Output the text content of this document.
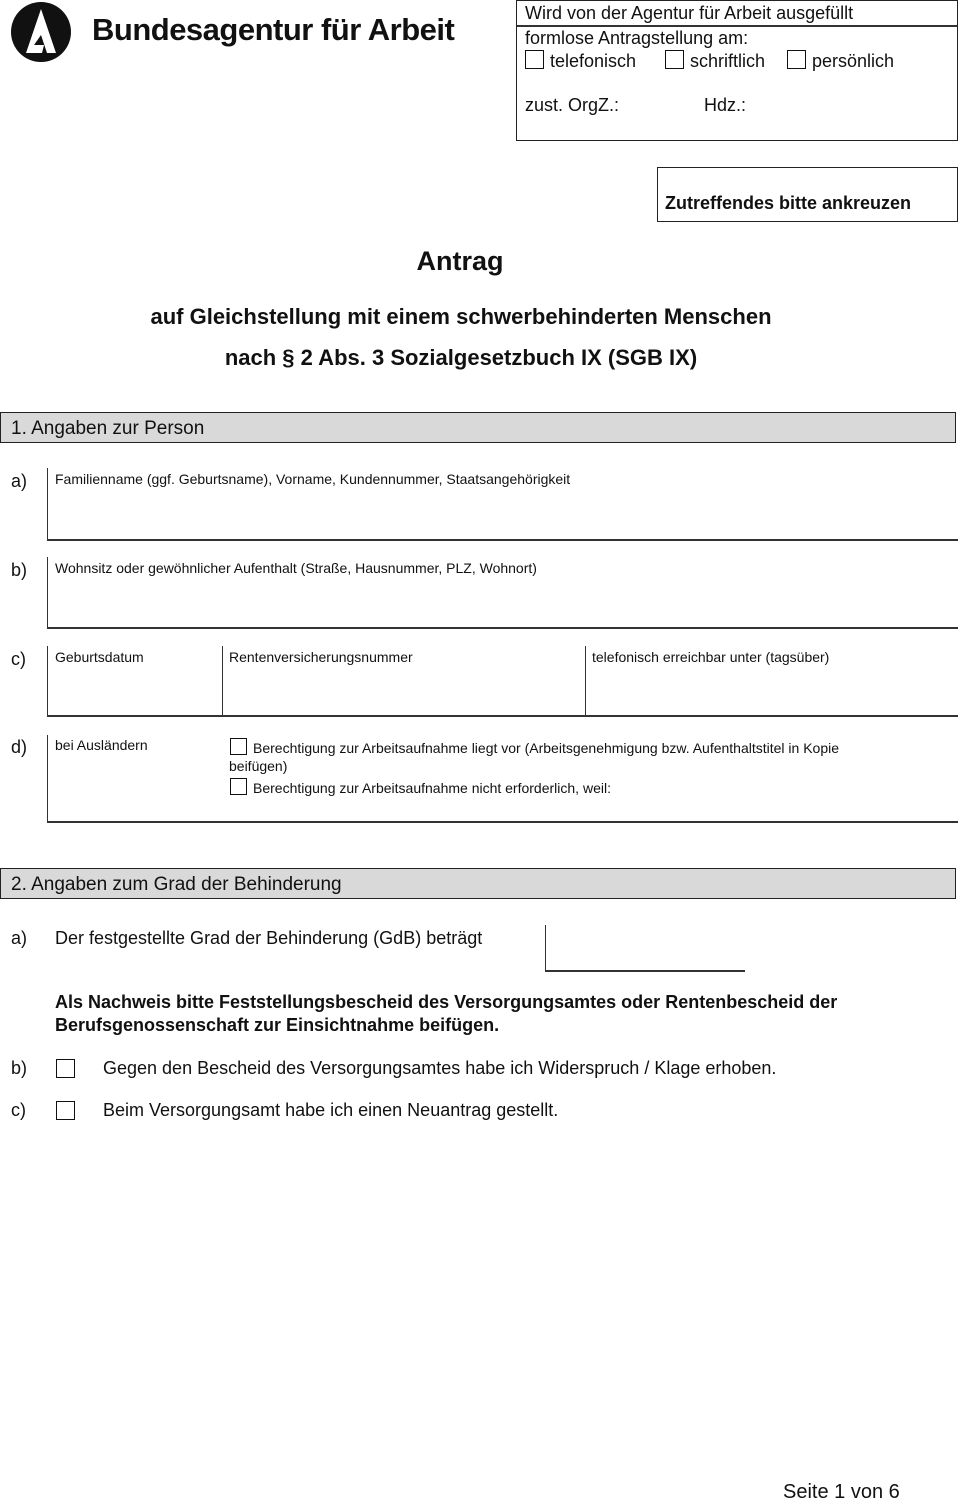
Bundesagentur für Arbeit	Wird von der Agentur für Arbeit ausgefüllt
formlose Antragstellung am:
telefonisch	schriftlich	persönlich
zust. OrgZ.:	Hdz.:
Zutreffendes bitte ankreuzen
Antrag
auf Gleichstellung mit einem schwerbehinderten Menschen
nach § 2 Abs. 3 Sozialgesetzbuch IX (SGB IX)
1. Angaben zur Person
a) Familienname (ggf. Geburtsname), Vorname, Kundennummer, Staatsangehörigkeit
b) Wohnsitz oder gewöhnlicher Aufenthalt (Straße, Hausnummer, PLZ, Wohnort)
c) Geburtsdatum	Rentenversicherungsnummer	telefonisch erreichbar unter (tagsüber)
d) bei Ausländern	Berechtigung zur Arbeitsaufnahme liegt vor (Arbeitsgenehmigung bzw. Aufenthaltstitel in Kopie
beifügen)
Berechtigung zur Arbeitsaufnahme nicht erforderlich, weil:
2. Angaben zum Grad der Behinderung
a) Der festgestellte Grad der Behinderung (GdB) beträgt
Als Nachweis bitte Feststellungsbescheid des Versorgungsamtes oder Rentenbescheid der
Berufsgenossenschaft zur Einsichtnahme beifügen.
b)	Gegen den Bescheid des Versorgungsamtes habe ich Widerspruch / Klage erhoben.
c)	Beim Versorgungsamt habe ich einen Neuantrag gestellt.
Seite 1 von 6
